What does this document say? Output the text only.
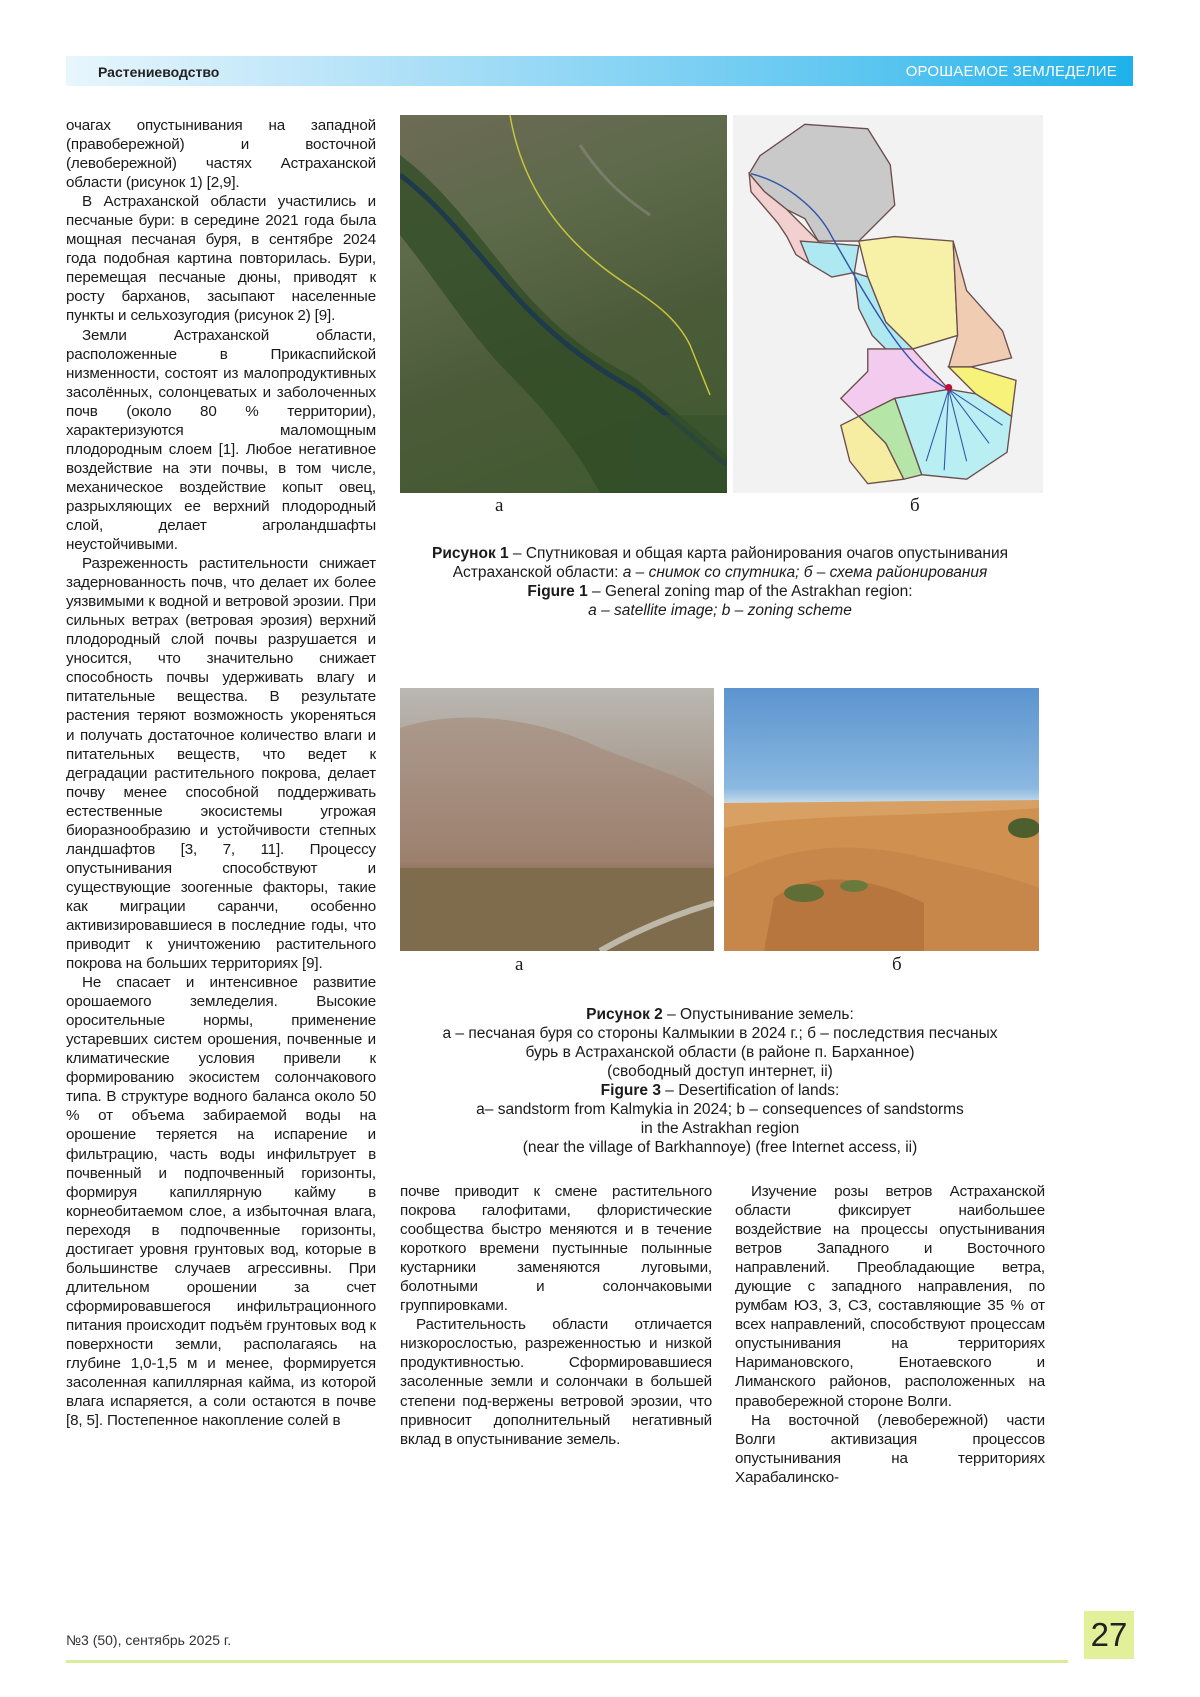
Растениеводство	ОРОШАЕМОЕ ЗЕМЛЕДЕЛИЕ

очагах опустынивания на западной (правобережной) и восточной (левобережной) частях Астраханской области (рисунок 1) [2,9].

В Астраханской области участились и песчаные бури: в середине 2021 года была мощная песчаная буря, в сентябре 2024 года подобная картина повторилась. Бури, перемещая песчаные дюны, приводят к росту барханов, засыпают населенные пункты и сельхозугодия (рисунок 2) [9].

Земли Астраханской области, расположенные в Прикаспийской низменности, состоят из малопродуктивных засолённых, солонцеватых и заболоченных почв (около 80 % территории), характеризуются маломощным плодородным слоем [1]. Любое негативное воздействие на эти почвы, в том числе, механическое воздействие копыт овец, разрыхляющих ее верхний плодородный слой, делает агроландшафты неустойчивыми.

Разреженность растительности снижает задернованность почв, что делает их более уязвимыми к водной и ветровой эрозии. При сильных ветрах (ветровая эрозия) верхний плодородный слой почвы разрушается и уносится, что значительно снижает способность почвы удерживать влагу и питательные вещества. В результате растения теряют возможность укореняться и получать достаточное количество влаги и питательных веществ, что ведет к деградации растительного покрова, делает почву менее способной поддерживать естественные экосистемы угрожая биоразнообразию и устойчивости степных ландшафтов [3, 7, 11]. Процессу опустынивания способствуют и существующие зоогенные факторы, такие как миграции саранчи, особенно активизировавшиеся в последние годы, что приводит к уничтожению растительного покрова на больших территориях [9].

Не спасает и интенсивное развитие орошаемого земледелия. Высокие оросительные нормы, применение устаревших систем орошения, почвенные и климатические условия привели к формированию экосистем солончакового типа. В структуре водного баланса около 50 % от объема забираемой воды на орошение теряется на испарение и фильтрацию, часть воды инфильтрует в почвенный и подпочвенный горизонты, формируя капиллярную кайму в корнеобитаемом слое, а избыточная влага, переходя в подпочвенные горизонты, достигает уровня грунтовых вод, которые в большинстве случаев агрессивны. При длительном орошении за счет сформировавшегося инфильтрационного питания происходит подъём грунтовых вод к поверхности земли, располагаясь на глубине 1,0-1,5 м и менее, формируется засоленная капиллярная кайма, из которой влага испаряется, а соли остаются в почве [8, 5]. Постепенное накопление солей в

а	б
Рисунок 1 – Спутниковая и общая карта районирования очагов опустынивания
Астраханской области: а – снимок со спутника; б – схема районирования
Figure 1 – General zoning map of the Astrakhan region:
a – satellite image; b – zoning scheme
а	б
Рисунок 2 – Опустынивание земель:
а – песчаная буря со стороны Калмыкии в 2024 г.; б – последствия песчаных
бурь в Астраханской области (в районе п. Барханное)
(свободный доступ интернет, ii)
Figure 3 – Desertification of lands:
a– sandstorm from Kalmykia in 2024; b – consequences of sandstorms
in the Astrakhan region
(near the village of Barkhannoye) (free Internet access, ii)

почве приводит к смене растительного покрова галофитами, флористические сообщества быстро меняются и в течение короткого времени пустынные полынные кустарники заменяются луговыми, болотными и солончаковыми группировками.

Растительность области отличается низкорослостью, разреженностью и низкой продуктивностью. Сформировавшиеся засоленные земли и солончаки в большей степени под-вержены ветровой эрозии, что привносит дополнительный негативный вклад в опустынивание земель.

Изучение розы ветров Астраханской области фиксирует наибольшее воздействие на процессы опустынивания ветров Западного и Восточного направлений. Преобладающие ветра, дующие с западного направления, по румбам ЮЗ, З, СЗ, составляющие 35 % от всех направлений, способствуют процессам опустынивания на территориях Наримановского, Енотаевского и Лиманского районов, расположенных на правобережной стороне Волги.

На восточной (левобережной) части Волги активизация процессов опустынивания на территориях Харабалинско-

№3 (50), сентябрь 2025 г.	27
